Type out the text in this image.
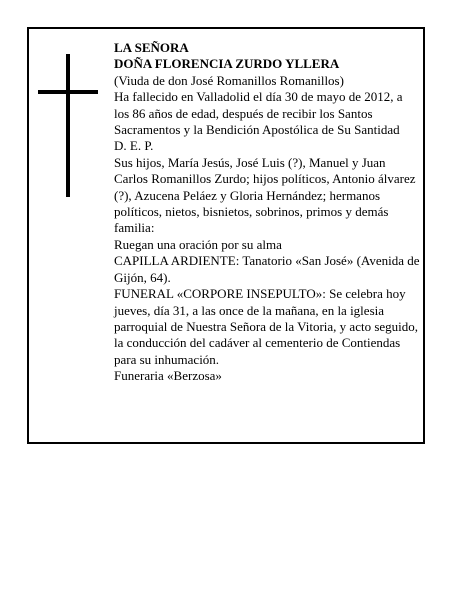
LA SEÑORA

DOÑA FLORENCIA ZURDO YLLERA

(Viuda de don José Romanillos Romanillos)

Ha fallecido en Valladolid el día 30 de mayo de 2012, a los 86 años de edad, después de recibir los Santos Sacramentos y la Bendición Apostólica de Su Santidad

D. E. P.

Sus hijos, María Jesús, José Luis (?), Manuel y Juan Carlos Romanillos Zurdo; hijos políticos, Antonio álvarez (?), Azucena Peláez y Gloria Hernández; hermanos políticos, nietos, bisnietos, sobrinos, primos y demás familia:

Ruegan una oración por su alma

CAPILLA ARDIENTE: Tanatorio «San José» (Avenida de Gijón, 64).

FUNERAL «CORPORE INSEPULTO»: Se celebra hoy jueves, día 31, a las once de la mañana, en la iglesia parroquial de Nuestra Señora de la Vitoria, y acto seguido, la conducción del cadáver al cementerio de Contiendas para su inhumación.

Funeraria «Berzosa»
